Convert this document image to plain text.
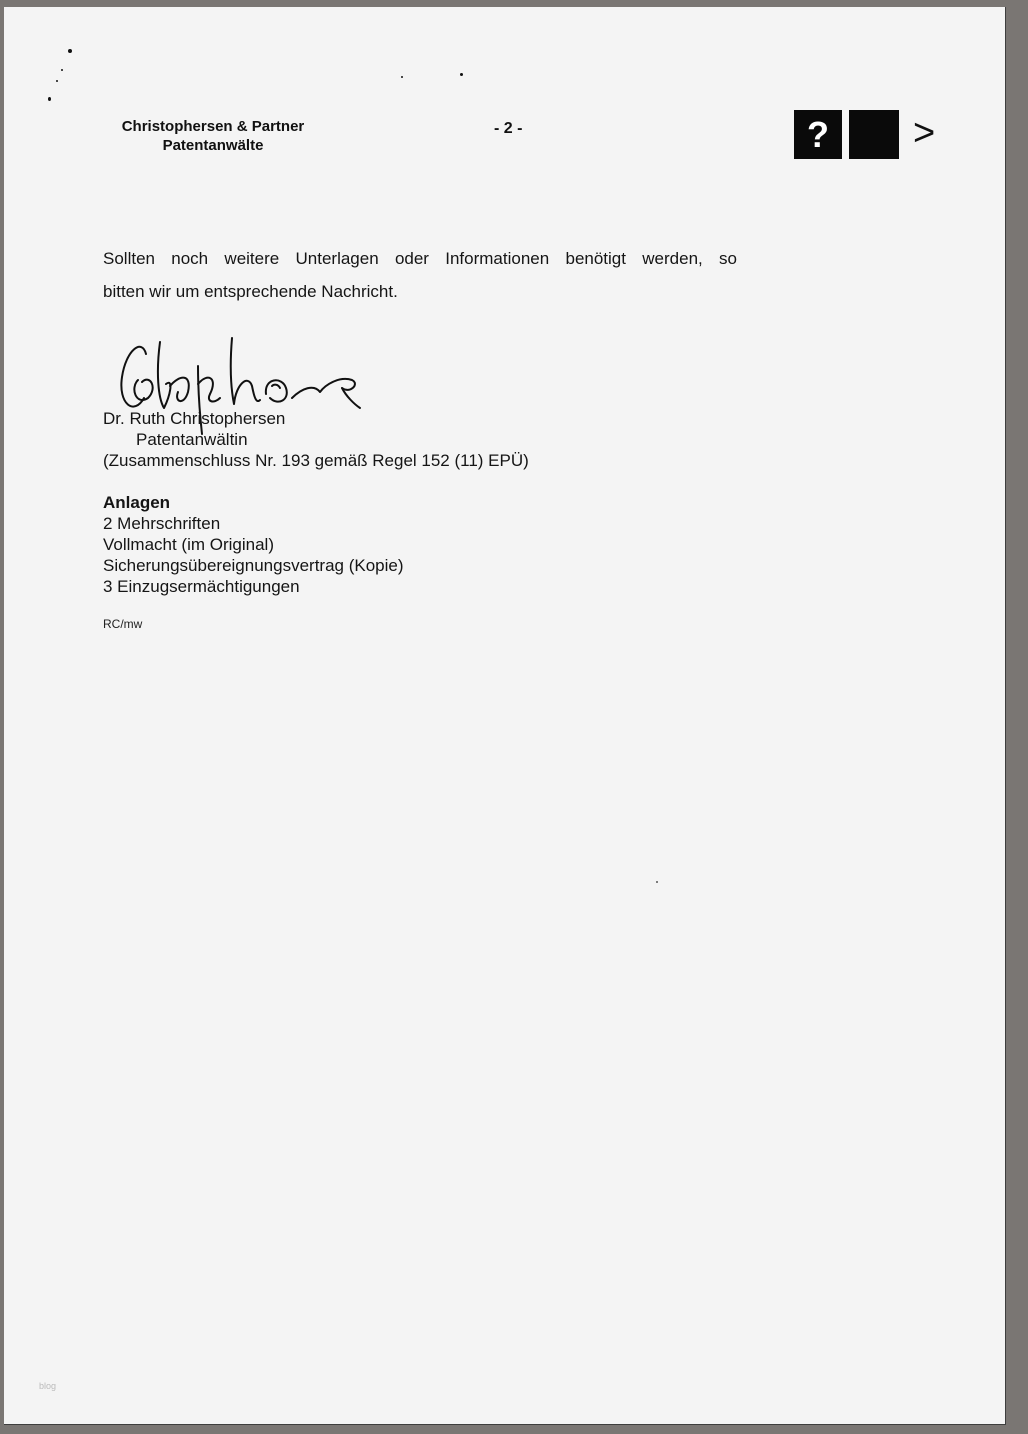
Christophersen & Partner
Patentanwälte
- 2 -	?	>
Sollten noch weitere Unterlagen oder Informationen benötigt werden, so
bitten wir um entsprechende Nachricht.
Dr. Ruth Christophersen
Patentanwältin
(Zusammenschluss Nr. 193 gemäß Regel 152 (11) EPÜ)
Anlagen
2 Mehrschriften
Vollmacht (im Original)
Sicherungsübereignungsvertrag (Kopie)
3 Einzugsermächtigungen
RC/mw
blog
